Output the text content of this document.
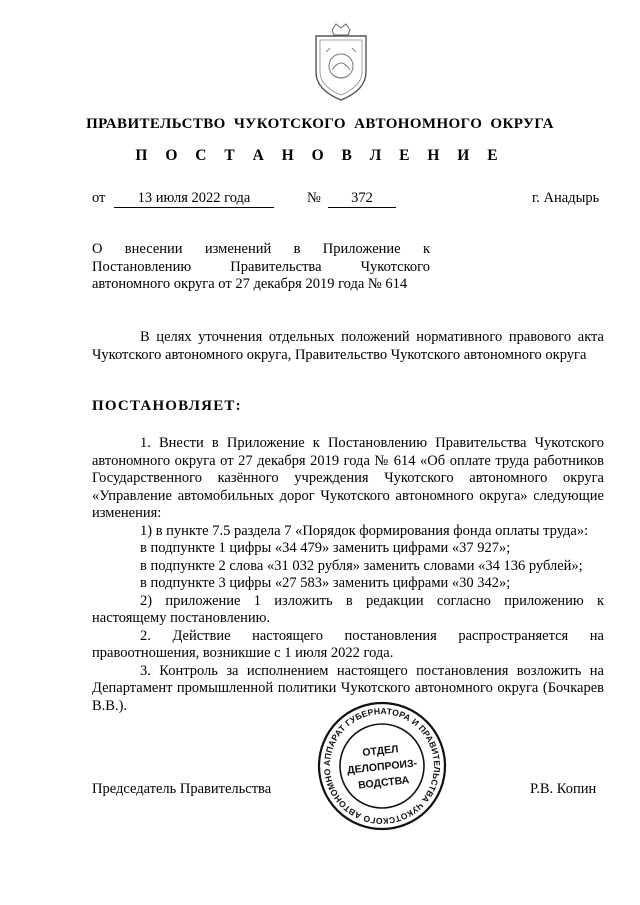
ПРАВИТЕЛЬСТВО ЧУКОТСКОГО АВТОНОМНОГО ОКРУГА
П О С Т А Н О В Л Е Н И Е
от	13 июля 2022 года	№	372	г. Анадырь
О внесении изменений в Приложение к Постановлению Правительства Чукотского автономного округа от 27 декабря 2019 года № 614

В целях уточнения отдельных положений нормативного правового акта Чукотского автономного округа, Правительство Чукотского автономного округа

ПОСТАНОВЛЯЕТ:

1. Внести в Приложение к Постановлению Правительства Чукотского автономного округа от 27 декабря 2019 года № 614 «Об оплате труда работников Государственного казённого учреждения Чукотского автономного округа «Управление автомобильных дорог Чукотского автономного округа» следующие изменения:

1) в пункте 7.5 раздела 7 «Порядок формирования фонда оплаты труда»:

в подпункте 1 цифры «34 479» заменить цифрами «37 927»;

в подпункте 2 слова «31 032 рубля» заменить словами «34 136 рублей»;

в подпункте 3 цифры «27 583» заменить цифрами «30 342»;

2) приложение 1 изложить в редакции согласно приложению к настоящему постановлению.

2. Действие настоящего постановления распространяется на правоотношения, возникшие с 1 июля 2022 года.

3. Контроль за исполнением настоящего постановления возложить на Департамент промышленной политики Чукотского автономного округа (Бочкарев В.В.).

Председатель Правительства	Р.В. Копин
АППАРАТ ГУБЕРНАТОРА И ПРАВИТЕЛЬСТВА ЧУКОТСКОГО АВТОНОМНО
ОТДЕЛ
ДЕЛОПРОИЗ-
ВОДСТВА
